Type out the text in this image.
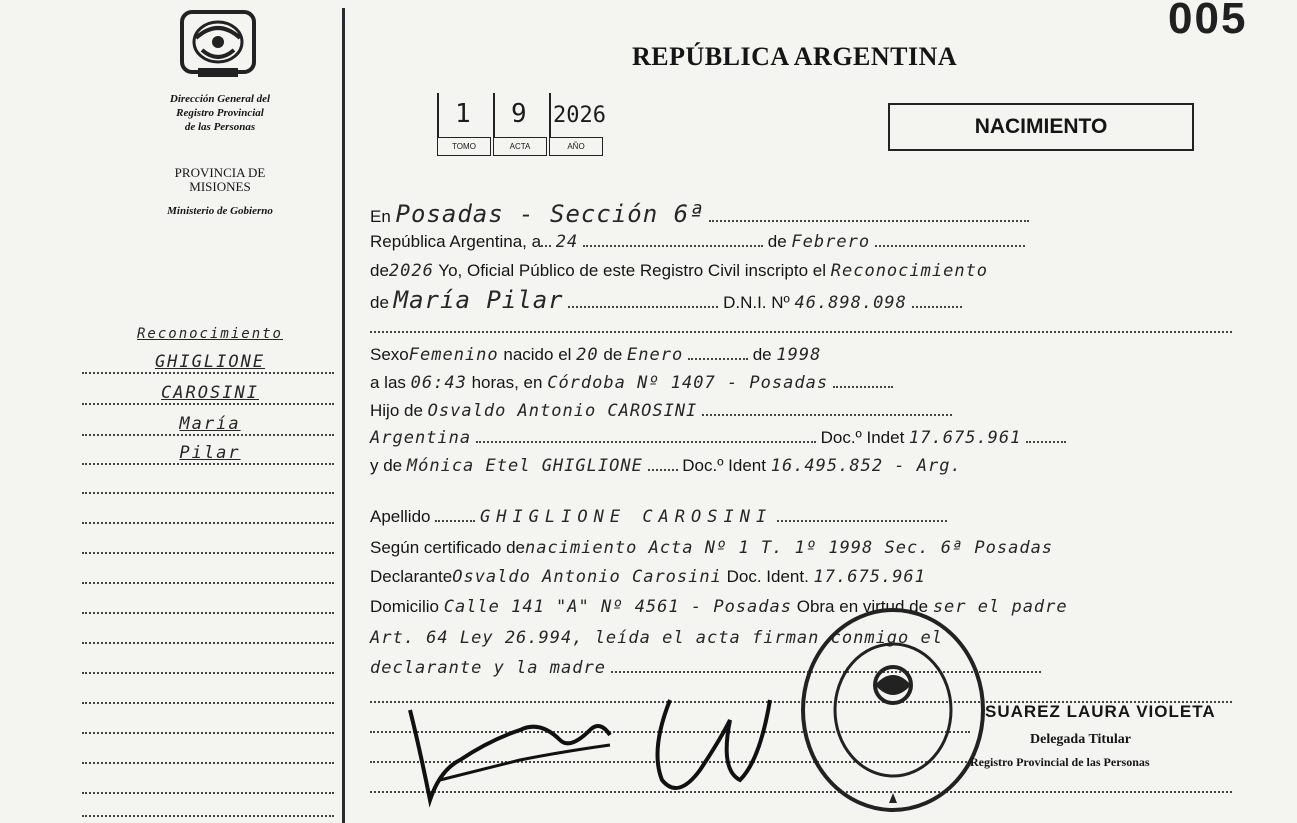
005
Dirección General del
Registro Provincial
de las Personas
PROVINCIA DE
MISIONES
Ministerio de Gobierno
REPÚBLICA ARGENTINA
1
TOMO
9
ACTA
2026
AÑO
NACIMIENTO
Reconocimiento
GHIGLIONE
CAROSINI
María
Pilar
En Posadas - Sección 6ª
República Argentina, a 24	de Febrero
de2026 Yo, Oficial Público de este Registro Civil inscripto el Reconocimiento
de María Pilar	D.N.I. Nº 46.898.098
SexoFemenino nacido el 20 de Enero	de 1998
a las 06:43 horas, en Córdoba Nº 1407 - Posadas
Hijo de Osvaldo Antonio CAROSINI
Argentina	Doc.º Indet 17.675.961
y de Mónica Etel GHIGLIONE Doc.º Ident 16.495.852 - Arg.
Apellido	GHIGLIONE CAROSINI
Según certificado denacimiento Acta Nº 1 T. 1º 1998 Sec. 6ª Posadas
DeclaranteOsvaldo Antonio Carosini Doc. Ident. 17.675.961
Domicilio Calle 141 "A" Nº 4561 - Posadas Obra en virtud de ser el padre
Art. 64 Ley 26.994, leída el acta firman conmigo el
declarante y la madre
SUAREZ LAURA VIOLETA
Delegada Titular
Registro Provincial de las Personas
